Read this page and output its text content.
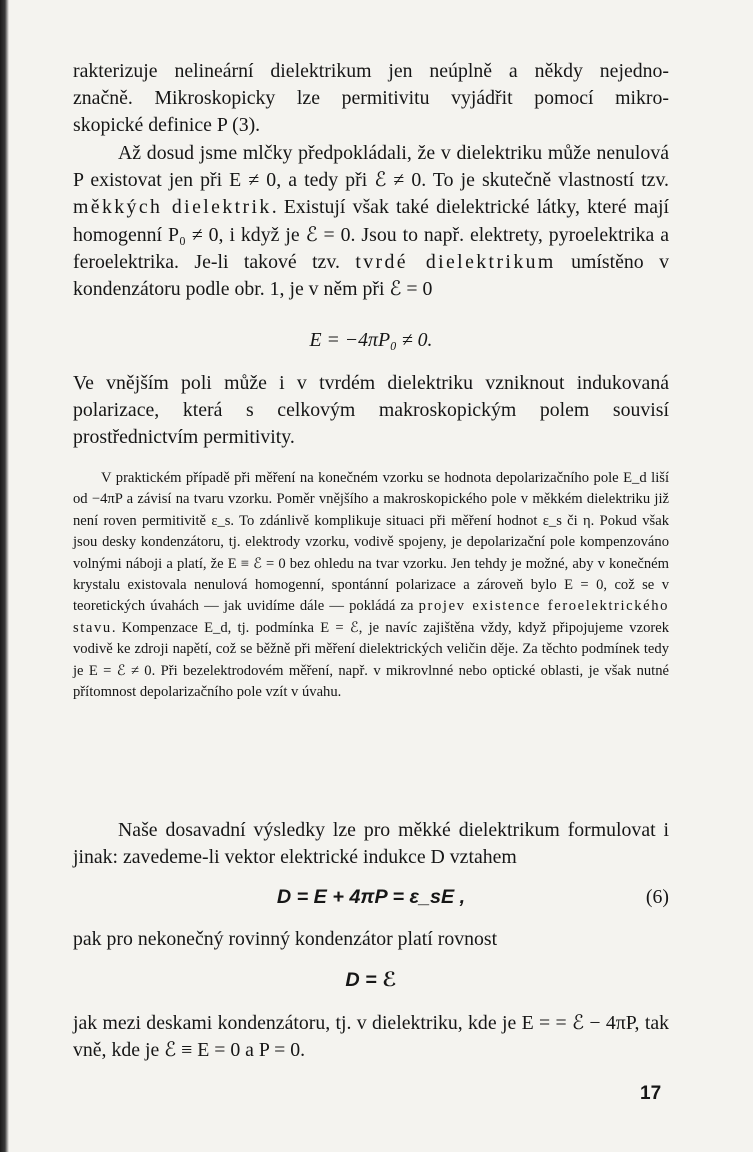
rakterizuje nelineární dielektrikum jen neúplně a někdy nejedno-
značně. Mikroskopicky lze permitivitu vyjádřit pomocí mikro-
skopické definice P (3).

Až dosud jsme mlčky předpokládali, že v dielektriku může nenulová P existovat jen při E ≠ 0, a tedy při ℰ ≠ 0. To je skutečně vlastností tzv. měkkých dielektrik. Existují však také dielektrické látky, které mají homogenní P₀ ≠ 0, i když je ℰ = 0. Jsou to např. elektrety, pyroelektrika a feroelektrika. Je-li takové tzv. tvrdé dielektrikum umístěno v kondenzátoru podle obr. 1, je v něm při ℰ = 0

E = −4πP₀ ≠ 0.

Ve vnějším poli může i v tvrdém dielektriku vzniknout indukovaná polarizace, která s celkovým makroskopickým polem souvisí prostřednictvím permitivity.

V praktickém případě při měření na konečném vzorku se hodnota depolarizačního pole E_d liší od −4πP a závisí na tvaru vzorku. Poměr vnějšího a makroskopického pole v měkkém dielektriku již není roven permitivitě ε_s. To zdánlivě komplikuje situaci při měření hodnot ε_s či η. Pokud však jsou desky kondenzátoru, tj. elektrody vzorku, vodivě spojeny, je depolarizační pole kompenzováno volnými náboji a platí, že E ≡ ℰ = 0 bez ohledu na tvar vzorku. Jen tehdy je možné, aby v konečném krystalu existovala nenulová homogenní, spontánní polarizace a zároveň bylo E = 0, což se v teoretických úvahách — jak uvidíme dále — pokládá za projev existence feroelektrického stavu. Kompenzace E_d, tj. podmínka E = ℰ, je navíc zajištěna vždy, když připojujeme vzorek vodivě ke zdroji napětí, což se běžně při měření dielektrických veličin děje. Za těchto podmínek tedy je E = ℰ ≠ 0. Při bezelektrodovém měření, např. v mikrovlnné nebo optické oblasti, je však nutné přítomnost depolarizačního pole vzít v úvahu.

Naše dosavadní výsledky lze pro měkké dielektrikum formulovat i jinak: zavedeme-li vektor elektrické indukce D vztahem

D = E + 4πP = ε_sE ,	(6)

pak pro nekonečný rovinný kondenzátor platí rovnost

D = ℰ

jak mezi deskami kondenzátoru, tj. v dielektriku, kde je E = = ℰ − 4πP, tak vně, kde je ℰ ≡ E = 0 a P = 0.

17
